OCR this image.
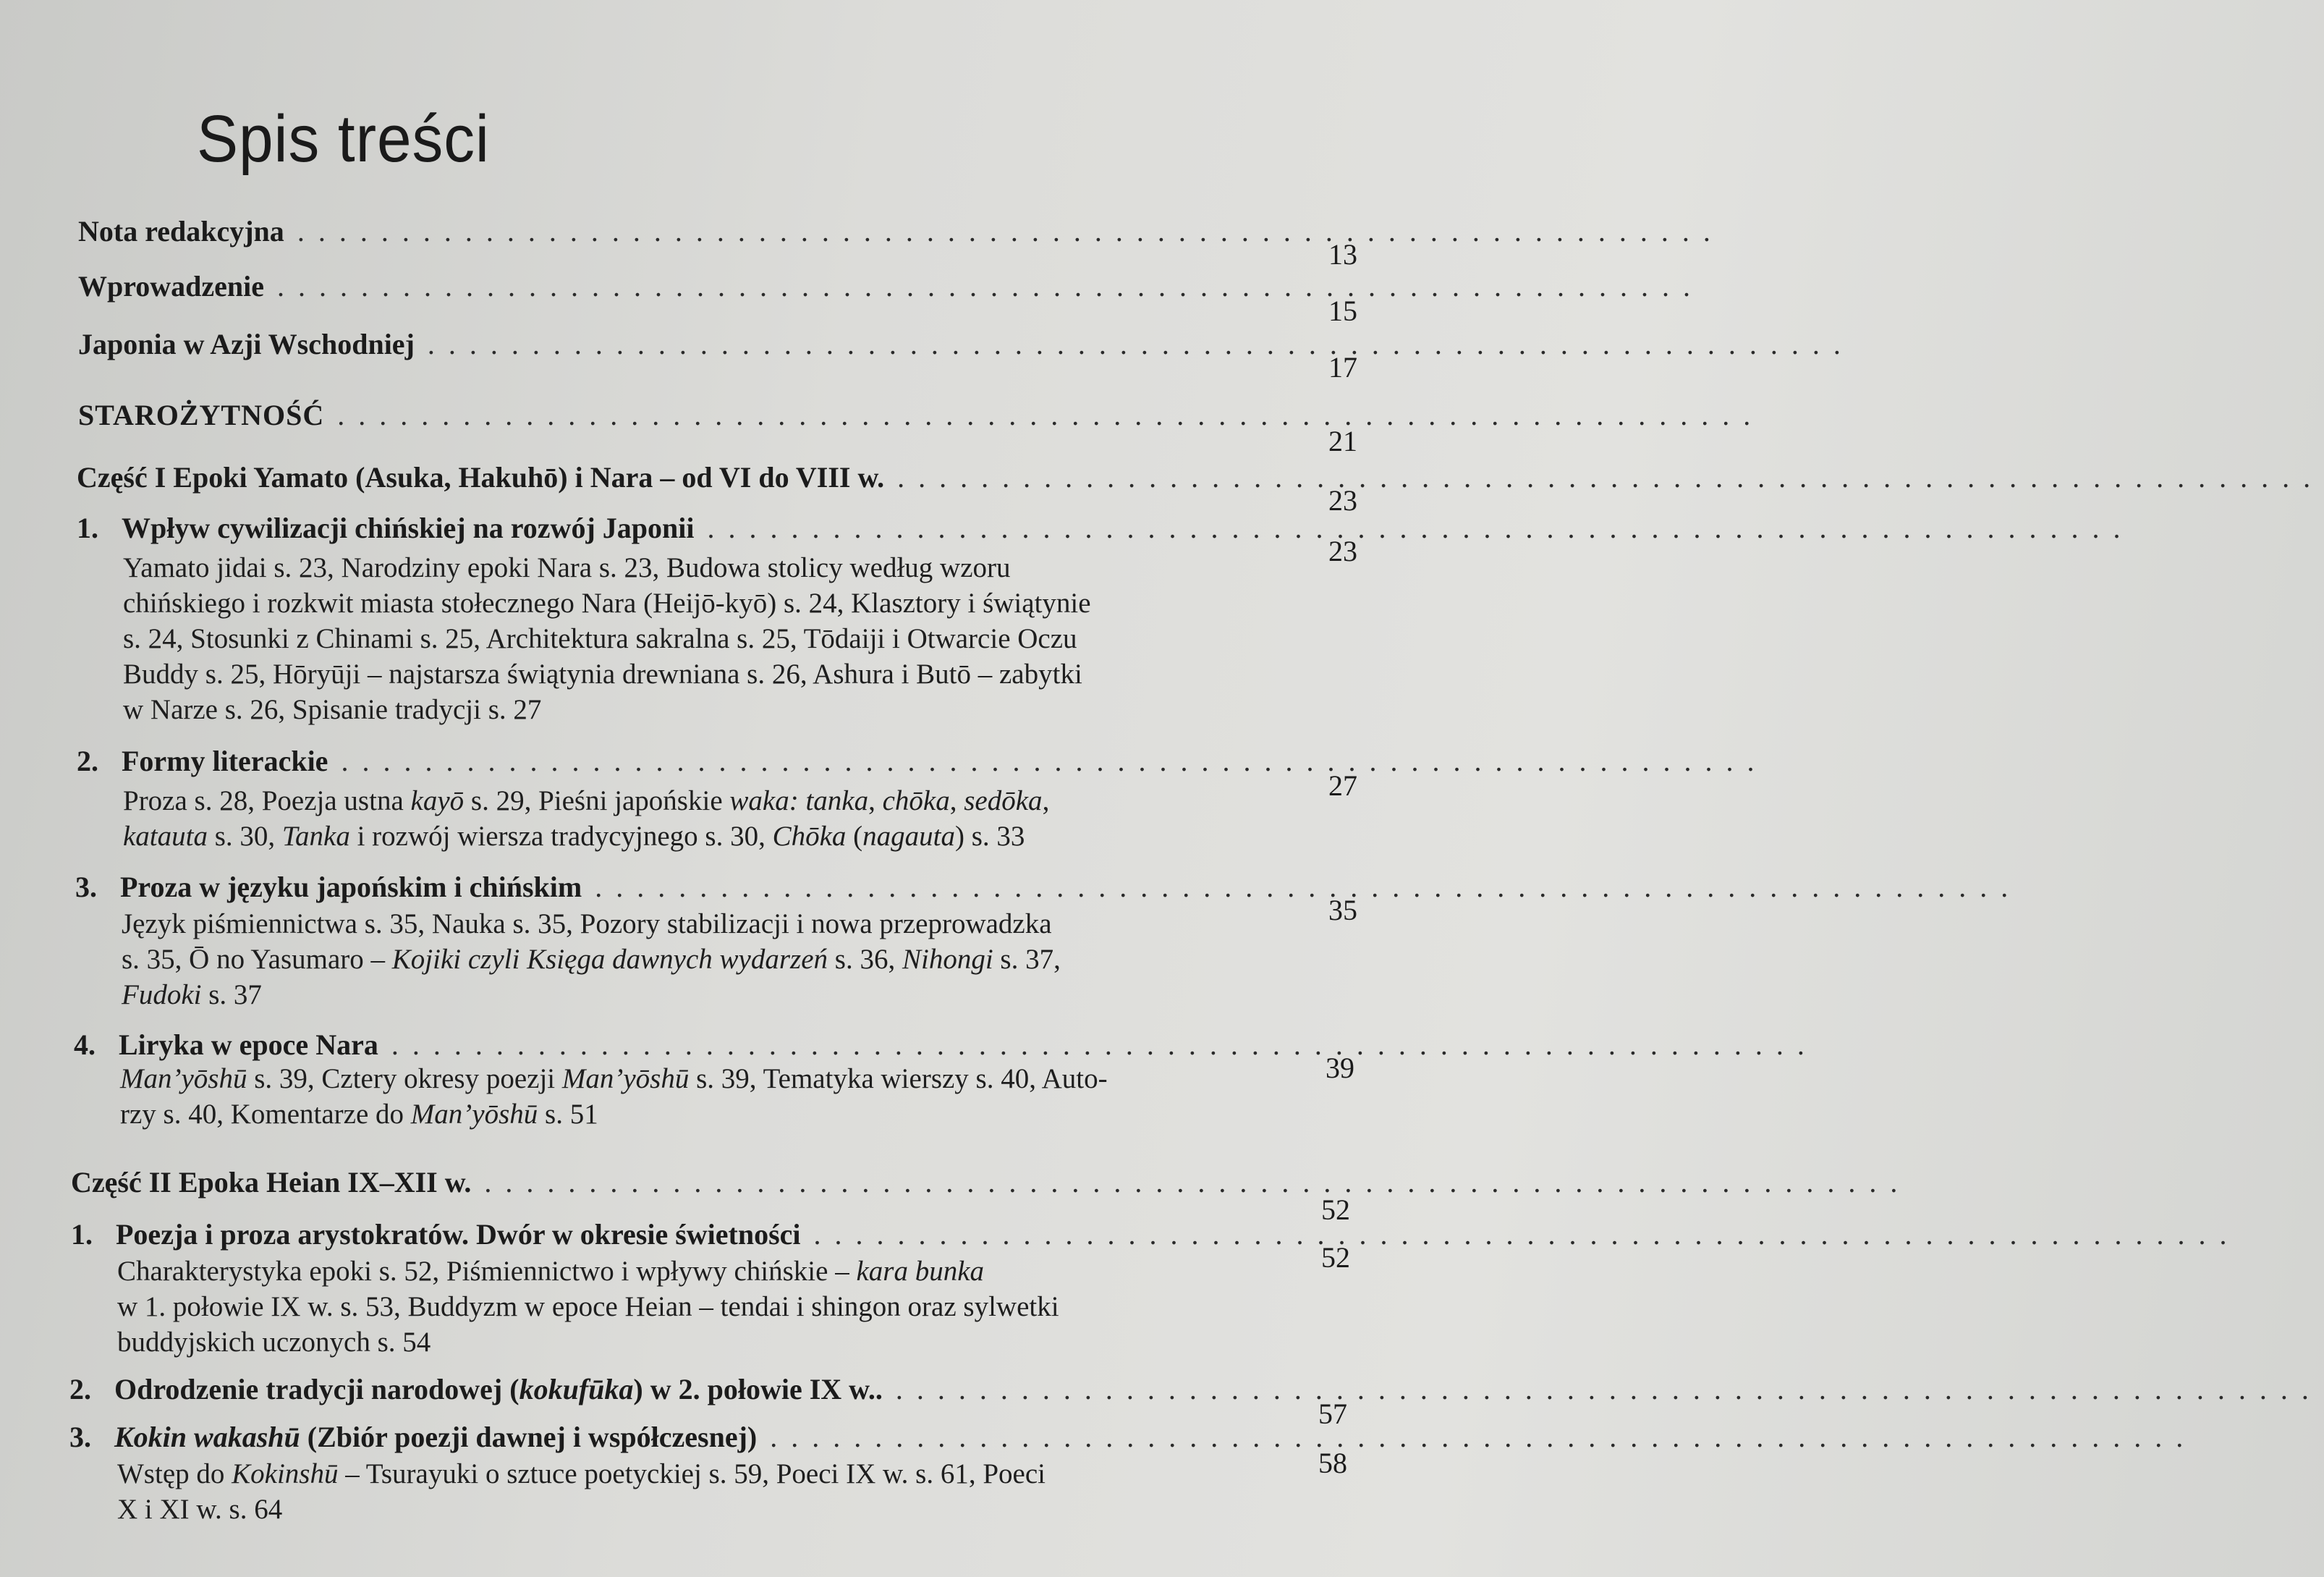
Spis treści
Nota redakcyjna ....................................................................
13
Wprowadzenie ....................................................................
15
Japonia w Azji Wschodniej ....................................................................
17
STAROŻYTNOŚĆ ....................................................................
21
Część I Epoki Yamato (Asuka, Hakuhō) i Nara – od VI do VIII w. ....................................................................
23
1. Wpływ cywilizacji chińskiej na rozwój Japonii ....................................................................
23
Yamato jidai s. 23, Narodziny epoki Nara s. 23, Budowa stolicy według wzoru
chińskiego i rozkwit miasta stołecznego Nara (Heijō-kyō) s. 24, Klasztory i świątynie
s. 24, Stosunki z Chinami s. 25, Architektura sakralna s. 25, Tōdaiji i Otwarcie Oczu
Buddy s. 25, Hōryūji – najstarsza świątynia drewniana s. 26, Ashura i Butō – zabytki
w Narze s. 26, Spisanie tradycji s. 27
2. Formy literackie ....................................................................
27
Proza s. 28, Poezja ustna kayō s. 29, Pieśni japońskie waka: tanka, chōka, sedōka,
katauta s. 30, Tanka i rozwój wiersza tradycyjnego s. 30, Chōka (nagauta) s. 33
3. Proza w języku japońskim i chińskim ....................................................................
35
Język piśmiennictwa s. 35, Nauka s. 35, Pozory stabilizacji i nowa przeprowadzka
s. 35, Ō no Yasumaro – Kojiki czyli Księga dawnych wydarzeń s. 36, Nihongi s. 37,
Fudoki s. 37
4. Liryka w epoce Nara ....................................................................
39
Man’yōshū s. 39, Cztery okresy poezji Man’yōshū s. 39, Tematyka wierszy s. 40, Auto-
rzy s. 40, Komentarze do Man’yōshū s. 51
Część II Epoka Heian IX–XII w. ....................................................................
52
1. Poezja i proza arystokratów. Dwór w okresie świetności ....................................................................
52
Charakterystyka epoki s. 52, Piśmiennictwo i wpływy chińskie – kara bunka
w 1. połowie IX w. s. 53, Buddyzm w epoce Heian – tendai i shingon oraz sylwetki
buddyjskich uczonych s. 54
2. Odrodzenie tradycji narodowej (kokufūka) w 2. połowie IX w.. ....................................................................
57
3. Kokin wakashū (Zbiór poezji dawnej i współczesnej) ....................................................................
58
Wstęp do Kokinshū – Tsurayuki o sztuce poetyckiej s. 59, Poeci IX w. s. 61, Poeci
X i XI w. s. 64
